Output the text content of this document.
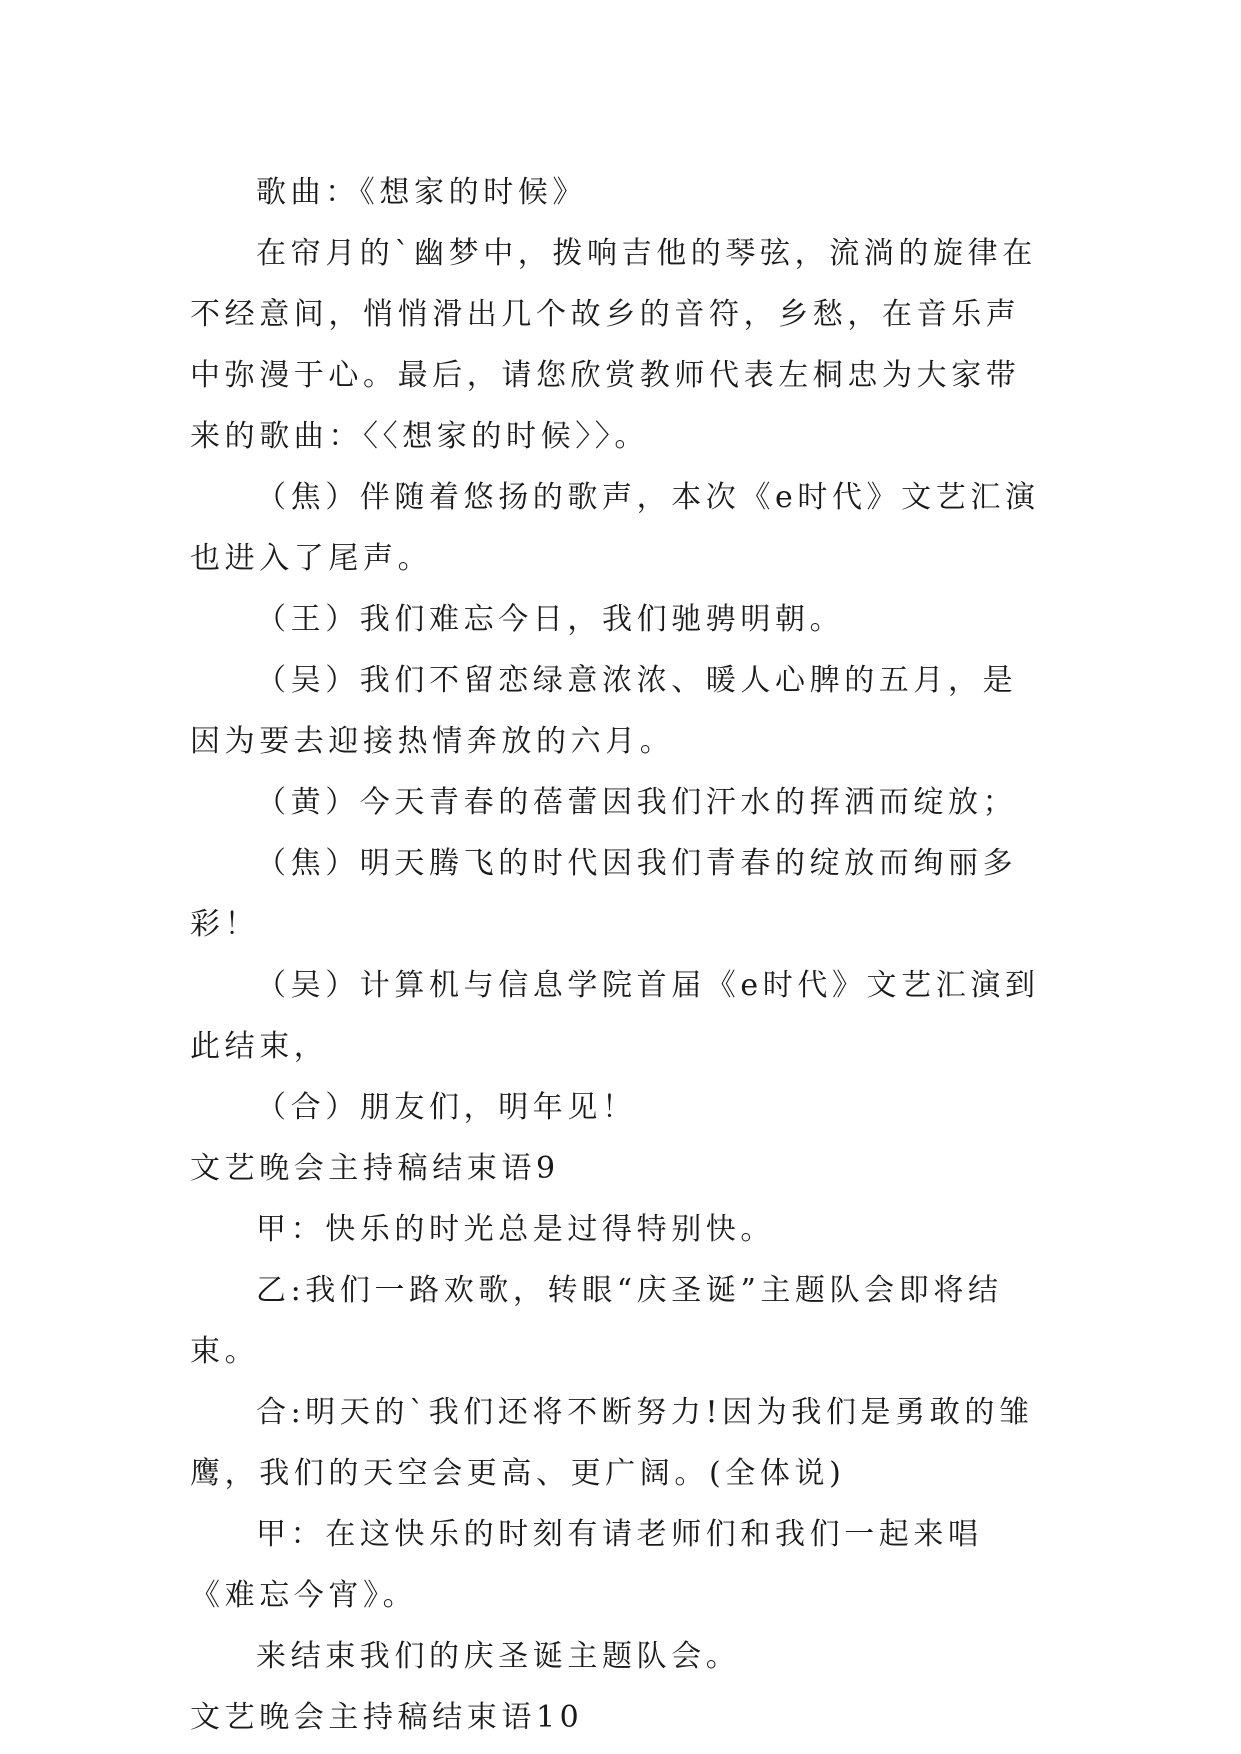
歌曲：《想家的时候》

在帘月的`幽梦中，拨响吉他的琴弦，流淌的旋律在不经意间，悄悄滑出几个故乡的音符，乡愁，在音乐声中弥漫于心。最后，请您欣赏教师代表左桐忠为大家带来的歌曲：〈〈想家的时候〉〉。

（焦）伴随着悠扬的歌声，本次《e时代》文艺汇演也进入了尾声。

（王）我们难忘今日，我们驰骋明朝。

（吴）我们不留恋绿意浓浓、暖人心脾的五月，是因为要去迎接热情奔放的六月。

（黄）今天青春的蓓蕾因我们汗水的挥洒而绽放；

（焦）明天腾飞的时代因我们青春的绽放而绚丽多彩！

（吴）计算机与信息学院首届《e时代》文艺汇演到此结束，

（合）朋友们，明年见！

文艺晚会主持稿结束语9

甲：快乐的时光总是过得特别快。

乙:我们一路欢歌，转眼“庆圣诞”主题队会即将结束。

合:明天的`我们还将不断努力!因为我们是勇敢的雏鹰，我们的天空会更高、更广阔。(全体说)

甲：在这快乐的时刻有请老师们和我们一起来唱《难忘今宵》。

来结束我们的庆圣诞主题队会。

文艺晚会主持稿结束语10
